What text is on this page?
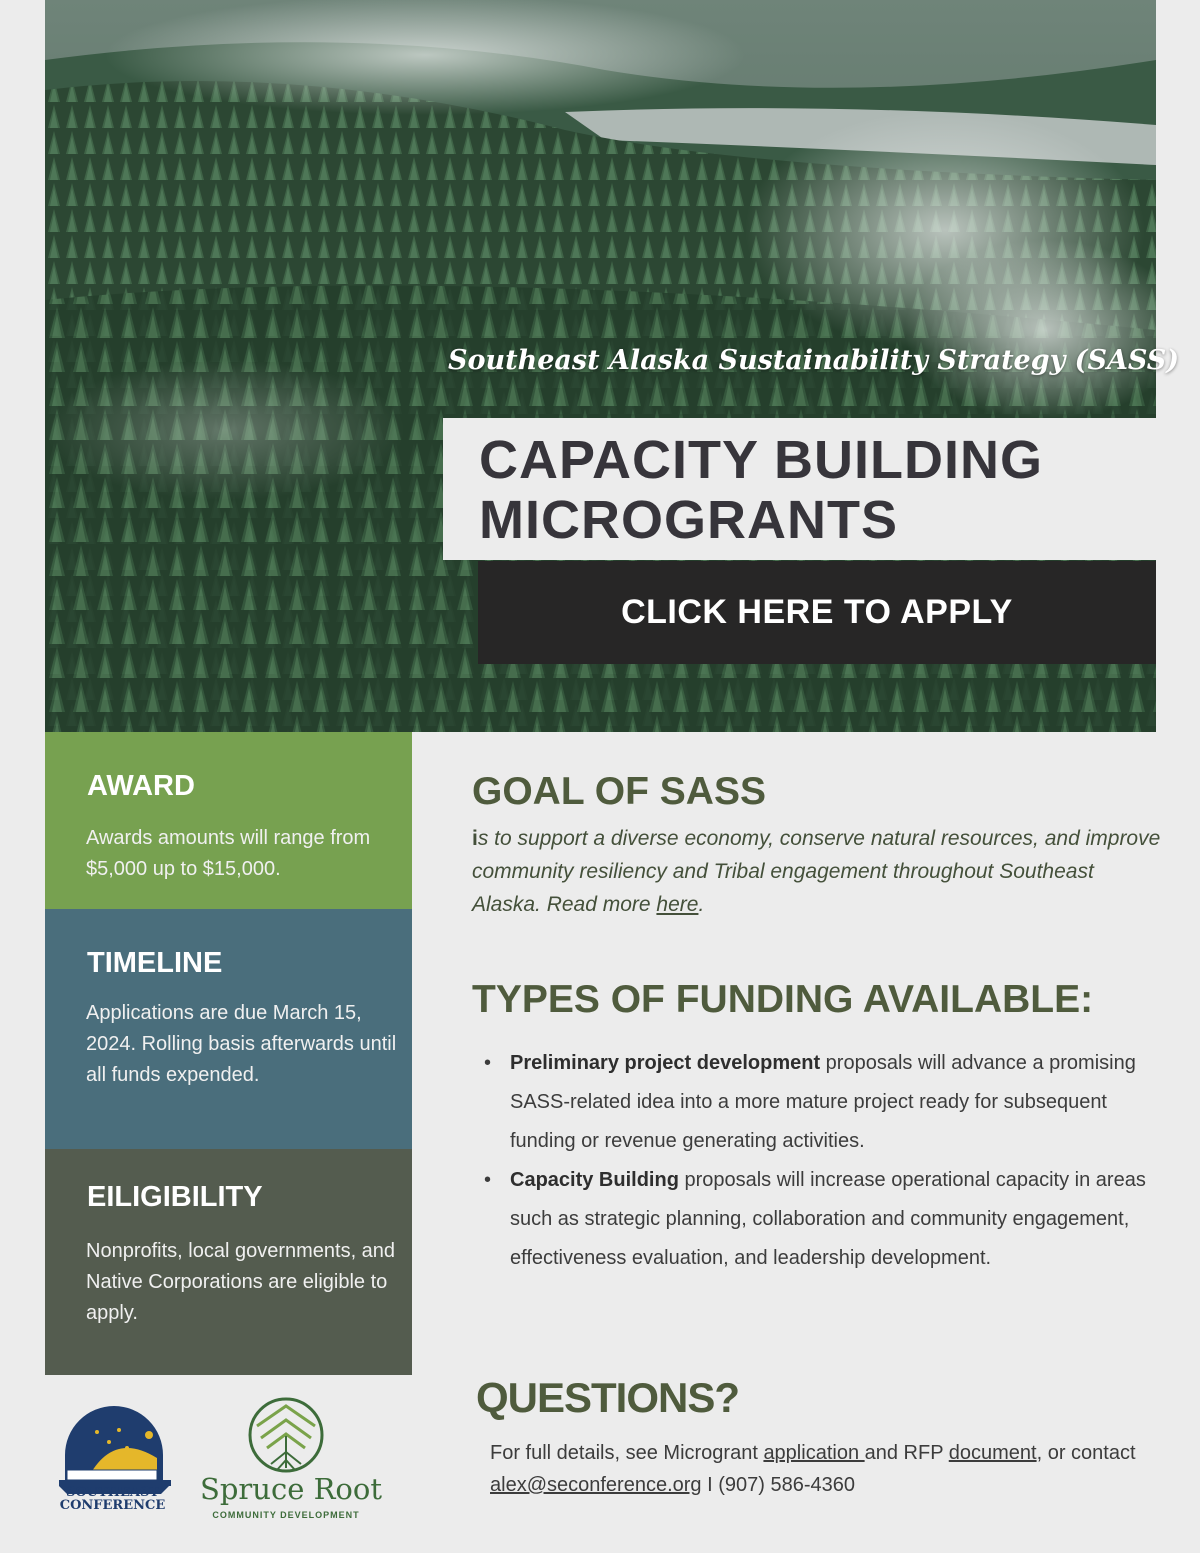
Southeast Alaska Sustainability Strategy (SASS)
CAPACITY BUILDING
MICROGRANTS
CLICK HERE TO APPLY
AWARD

Awards amounts will range from $5,000 up to $15,000.

TIMELINE

Applications are due March 15, 2024. Rolling basis afterwards until all funds expended.

EILIGIBILITY

Nonprofits, local governments, and Native Corporations are eligible to apply.

GOAL OF SASS

is to support a diverse economy, conserve natural resources, and improve community resiliency and Tribal engagement throughout Southeast Alaska. Read more here.

TYPES OF FUNDING AVAILABLE:
• Preliminary project development proposals will advance a promising SASS-related idea into a more mature project ready for subsequent funding or revenue generating activities.
• Capacity Building proposals will increase operational capacity in areas such as strategic planning, collaboration and community engagement, effectiveness evaluation, and leadership development.
QUESTIONS?

For full details, see Microgrant application and RFP document, or contact alex@seconference.org I (907) 586-4360

SOUTHEAST
CONFERENCE	Spruce Root
COMMUNITY DEVELOPMENT
